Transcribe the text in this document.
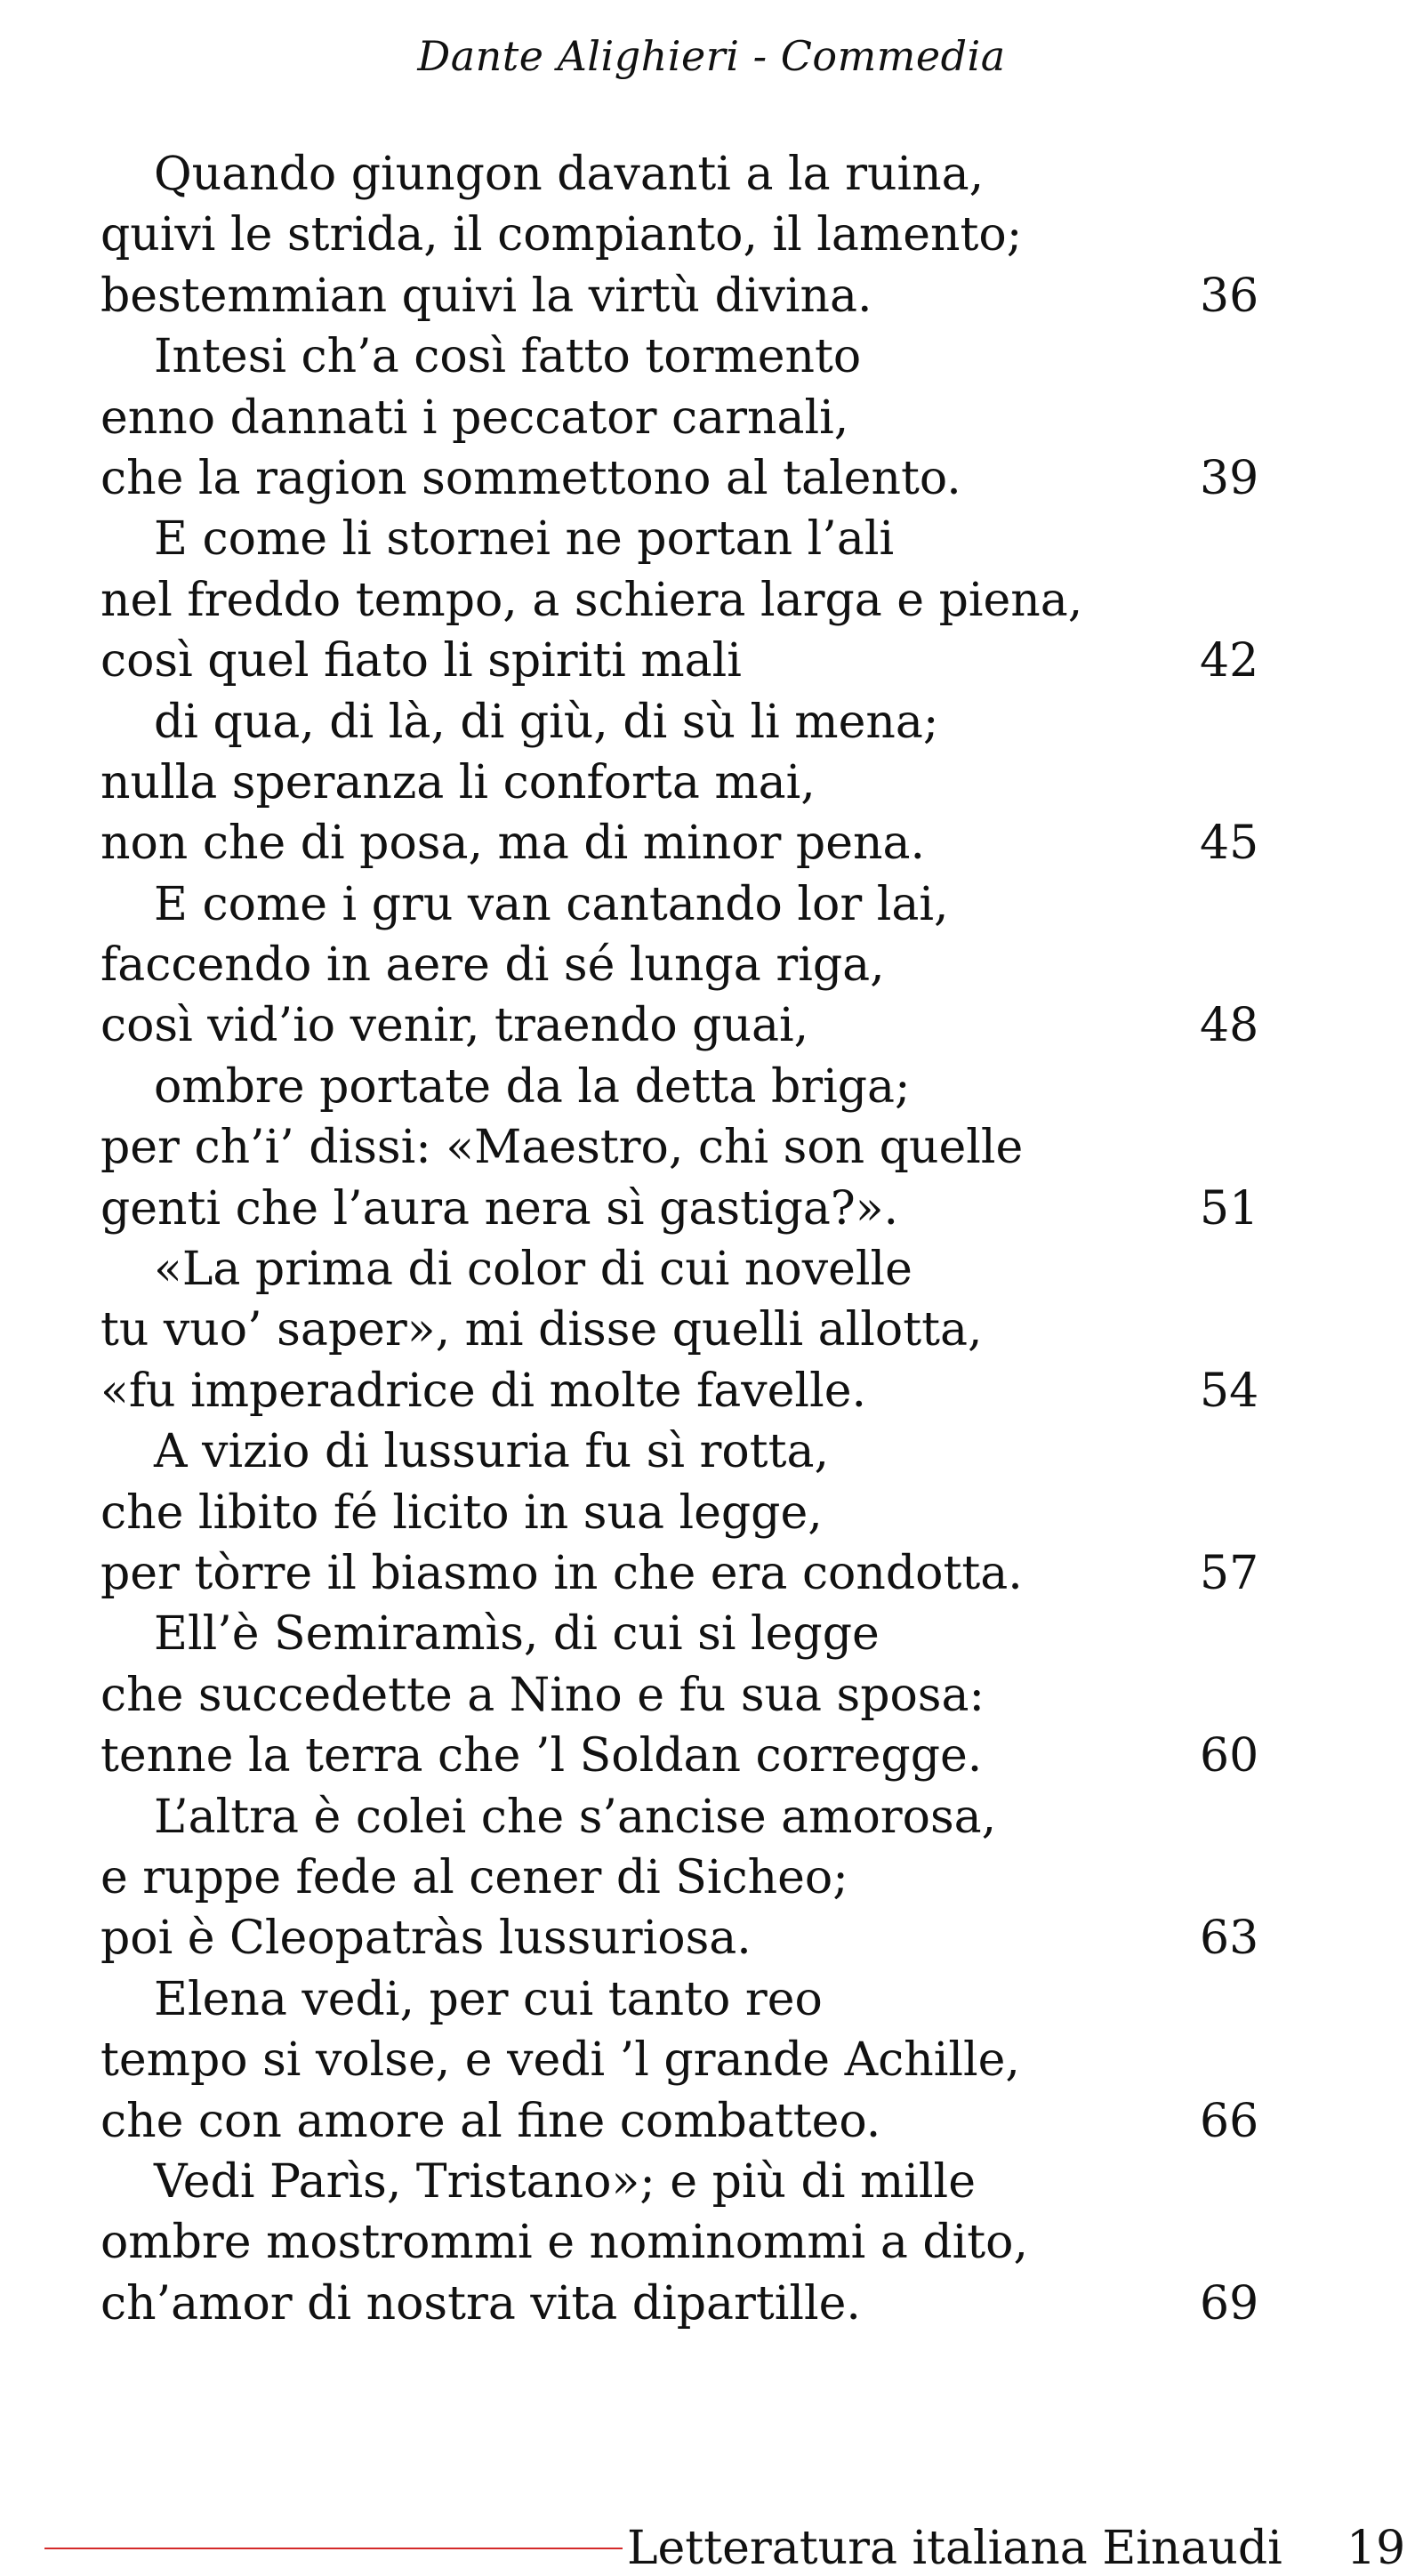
Dante Alighieri - Commedia
Quando giungon davanti a la ruina,
quivi le strida, il compianto, il lamento;
bestemmian quivi la virtù divina.	36
Intesi ch’a così fatto tormento
enno dannati i peccator carnali,
che la ragion sommettono al talento.	39
E come li stornei ne portan l’ali
nel freddo tempo, a schiera larga e piena,
così quel fiato li spiriti mali	42
di qua, di là, di giù, di sù li mena;
nulla speranza li conforta mai,
non che di posa, ma di minor pena.	45
E come i gru van cantando lor lai,
faccendo in aere di sé lunga riga,
così vid’io venir, traendo guai,	48
ombre portate da la detta briga;
per ch’i’ dissi: «Maestro, chi son quelle
genti che l’aura nera sì gastiga?».	51
«La prima di color di cui novelle
tu vuo’ saper», mi disse quelli allotta,
«fu imperadrice di molte favelle.	54
A vizio di lussuria fu sì rotta,
che libito fé licito in sua legge,
per tòrre il biasmo in che era condotta.	57
Ell’è Semiramìs, di cui si legge
che succedette a Nino e fu sua sposa:
tenne la terra che ’l Soldan corregge.	60
L’altra è colei che s’ancise amorosa,
e ruppe fede al cener di Sicheo;
poi è Cleopatràs lussuriosa.	63
Elena vedi, per cui tanto reo
tempo si volse, e vedi ’l grande Achille,
che con amore al fine combatteo.	66
Vedi Parìs, Tristano»; e più di mille
ombre mostrommi e nominommi a dito,
ch’amor di nostra vita dipartille.	69
Letteratura italiana Einaudi 19
